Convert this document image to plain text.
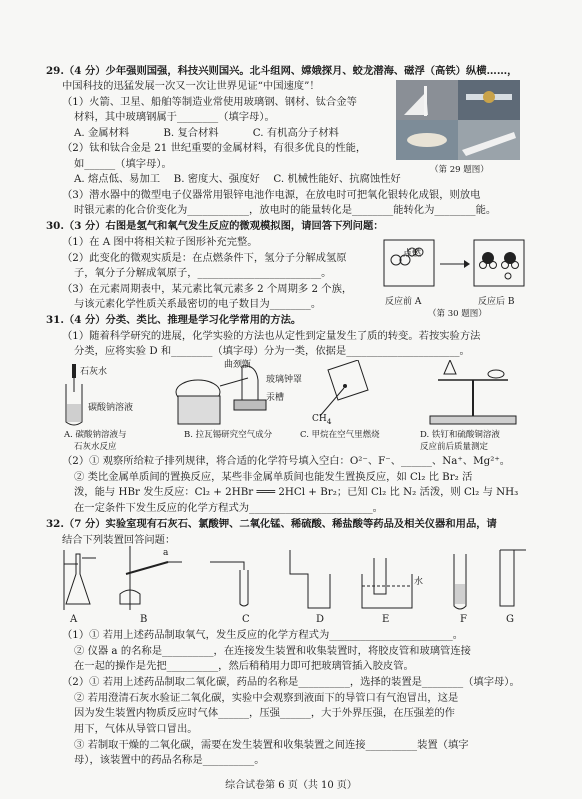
29.（4 分）少年强则国强，科技兴则国兴。北斗组网、嫦娥探月、蛟龙潜海、磁浮（高铁）纵横……，
中国科技的迅猛发展一次又一次让世界见证“中国速度”！
（1）火箭、卫星、船舶等制造业常使用玻璃钢、钢材、钛合金等
材料，其中玻璃钢属于________（填字母）。
A. 金属材料　　　 B. 复合材料　　　 C. 有机高分子材料
（2）钛和钛合金是 21 世纪重要的金属材料，有很多优良的性能，
如______（填字母）。
A. 熔点低、易加工　 B. 密度大、强度好　 C. 机械性能好、抗腐蚀性好
（3）潜水器中的微型电子仪器常用银锌电池作电源，在放电时可把氧化银转化成银，则放电
时银元素的化合价变化为____________，放电时的能量转化是________能转化为________能。
（第 29 题图）
30.（3 分）右图是氢气和氧气发生反应的微观模拟图，请回答下列问题：
（1）在 A 图中将相关粒子图形补充完整。
（2）此变化的微观实质是：在点燃条件下，氢分子分解成氢原
子，氧分子分解成氧原子，________________________。
（3）在元素周期表中，某元素比氧元素多 2 个周期多 2 个族，
与该元素化学性质关系最密切的电子数目为________。
点燃
反应前 A	反应后 B
（第 30 题图）
31.（4 分）分类、类比、推理是学习化学常用的方法。
（1）随着科学研究的进展，化学实验的方法也从定性到定量发生了质的转变。若按实验方法
分类，应将实验 D 和________（填字母）分为一类，依据是______________________。
石灰水
碳酸钠溶液
曲颈甑
玻璃钟罩
汞槽
$CH_4$
A. 碳酸钠溶液与
石灰水反应
B. 拉瓦锡研究空气成分	C. 甲烷在空气里燃烧	D. 铁钉和硫酸铜溶液
反应前后质量测定
（2）① 观察所给粒子排列规律，将合适的化学符号填入空白：O²⁻、F⁻、______、Na⁺、Mg²⁺。
② 类比金属单质间的置换反应，某些非金属单质间也能发生置换反应，如 Cl₂ 比 Br₂ 活
泼，能与 HBr 发生反应：Cl₂ + 2HBr ═══ 2HCl + Br₂；已知 Cl₂ 比 N₂ 活泼，则 Cl₂ 与 NH₃
在一定条件下发生反应的化学方程式为________________________。
32.（7 分）实验室现有石灰石、氯酸钾、二氧化锰、稀硫酸、稀盐酸等药品及相关仪器和用品，请
结合下列装置回答问题：
a
水
A	B	C	D	E	F	G
（1）① 若用上述药品制取氧气，发生反应的化学方程式为________________________。
② 仪器 a 的名称是__________，在连接发生装置和收集装置时，将胶皮管和玻璃管连接
在一起的操作是先把__________，然后稍稍用力即可把玻璃管插入胶皮管。
（2）① 若用上述药品制取二氧化碳，药品的名称是__________，选择的装置是________（填字母）。
② 若用澄清石灰水验证二氧化碳，实验中会观察到液面下的导管口有气泡冒出，这是
因为发生装置内物质反应时气体______，压强______，大于外界压强，在压强差的作
用下，气体从导管口冒出。
③ 若制取干燥的二氧化碳，需要在发生装置和收集装置之间连接__________装置（填字
母），该装置中的药品名称是__________。
综合试卷第 6 页（共 10 页）
